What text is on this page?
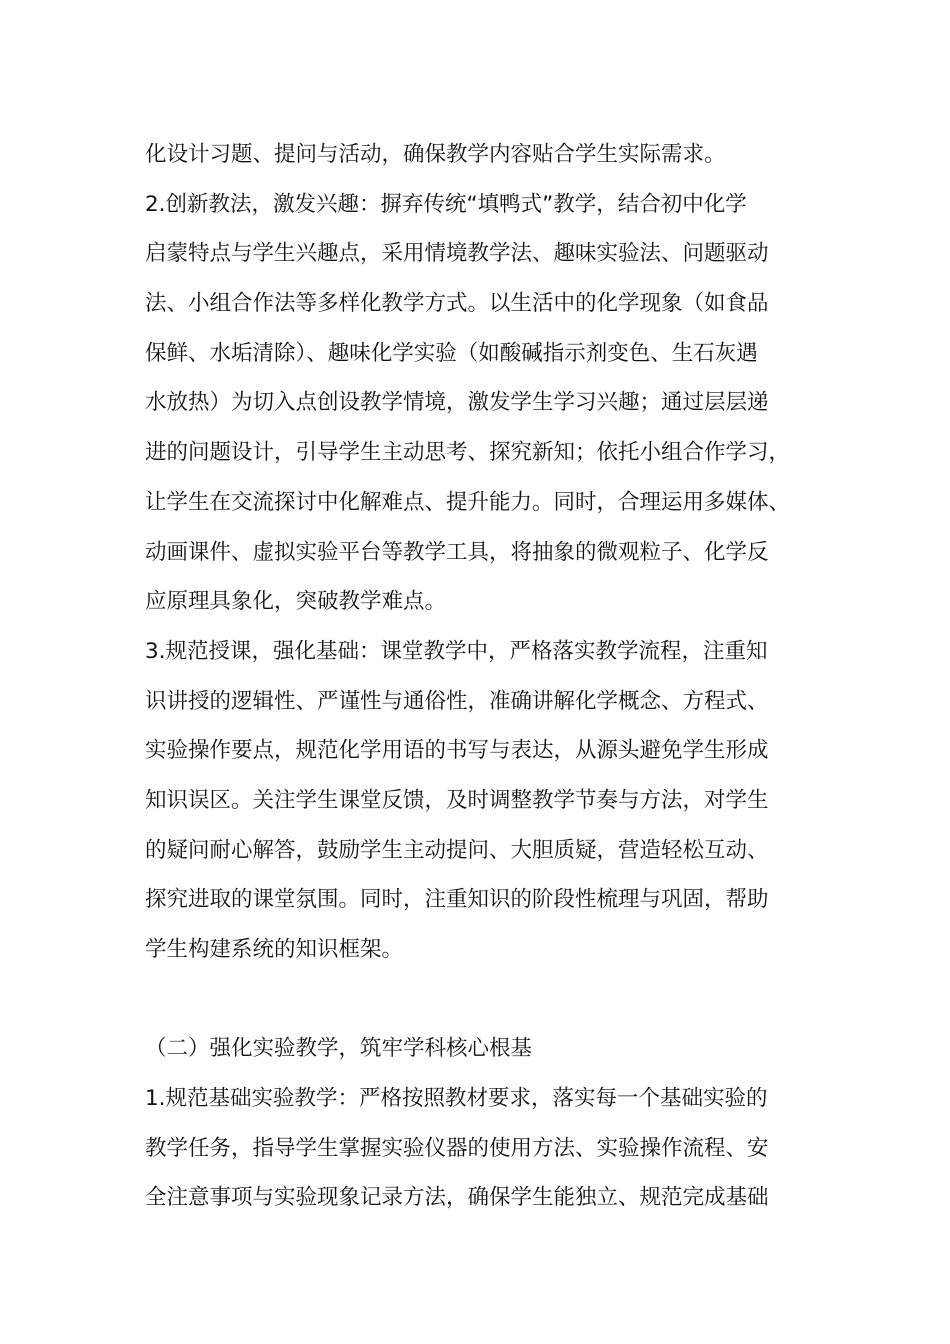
化设计习题、提问与活动，确保教学内容贴合学生实际需求。
2.创新教法，激发兴趣：摒弃传统“填鸭式”教学，结合初中化学
启蒙特点与学生兴趣点，采用情境教学法、趣味实验法、问题驱动
法、小组合作法等多样化教学方式。以生活中的化学现象（如食品
保鲜、水垢清除）、趣味化学实验（如酸碱指示剂变色、生石灰遇
水放热）为切入点创设教学情境，激发学生学习兴趣；通过层层递
进的问题设计，引导学生主动思考、探究新知；依托小组合作学习，
让学生在交流探讨中化解难点、提升能力。同时，合理运用多媒体、
动画课件、虚拟实验平台等教学工具，将抽象的微观粒子、化学反
应原理具象化，突破教学难点。
3.规范授课，强化基础：课堂教学中，严格落实教学流程，注重知
识讲授的逻辑性、严谨性与通俗性，准确讲解化学概念、方程式、
实验操作要点，规范化学用语的书写与表达，从源头避免学生形成
知识误区。关注学生课堂反馈，及时调整教学节奏与方法，对学生
的疑问耐心解答，鼓励学生主动提问、大胆质疑，营造轻松互动、
探究进取的课堂氛围。同时，注重知识的阶段性梳理与巩固，帮助
学生构建系统的知识框架。
（二）强化实验教学，筑牢学科核心根基
1.规范基础实验教学：严格按照教材要求，落实每一个基础实验的
教学任务，指导学生掌握实验仪器的使用方法、实验操作流程、安
全注意事项与实验现象记录方法，确保学生能独立、规范完成基础
